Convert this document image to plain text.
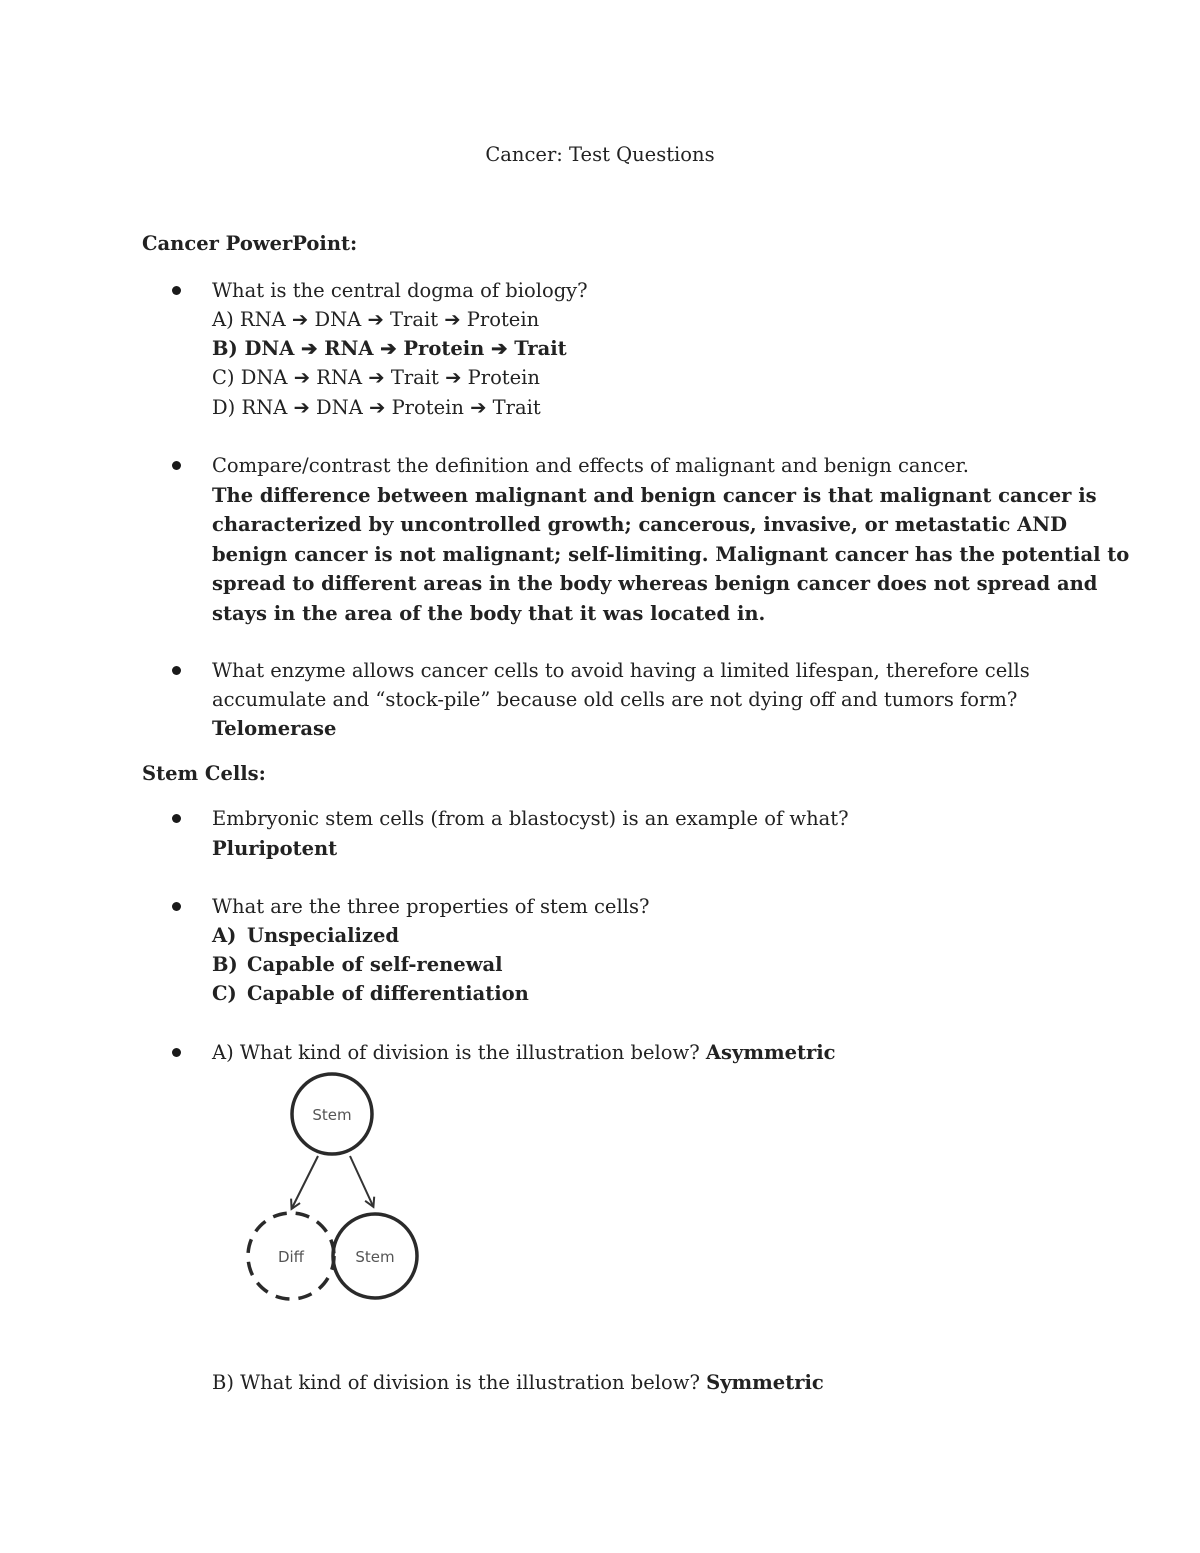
Cancer: Test Questions
Cancer PowerPoint:
What is the central dogma of biology?
A) RNA ➔ DNA ➔ Trait ➔ Protein
B) DNA ➔ RNA ➔ Protein ➔ Trait
C) DNA ➔ RNA ➔ Trait ➔ Protein
D) RNA ➔ DNA ➔ Protein ➔ Trait
Compare/contrast the definition and effects of malignant and benign cancer.
The difference between malignant and benign cancer is that malignant cancer is
characterized by uncontrolled growth; cancerous, invasive, or metastatic AND
benign cancer is not malignant; self-limiting. Malignant cancer has the potential to
spread to different areas in the body whereas benign cancer does not spread and
stays in the area of the body that it was located in.
What enzyme allows cancer cells to avoid having a limited lifespan, therefore cells
accumulate and “stock-pile” because old cells are not dying off and tumors form?
Telomerase
Stem Cells:
Embryonic stem cells (from a blastocyst) is an example of what?
Pluripotent
What are the three properties of stem cells?
A) Unspecialized
B) Capable of self-renewal
C) Capable of differentiation
A) What kind of division is the illustration below? Asymmetric
Stem
Diff	Stem
B) What kind of division is the illustration below? Symmetric
